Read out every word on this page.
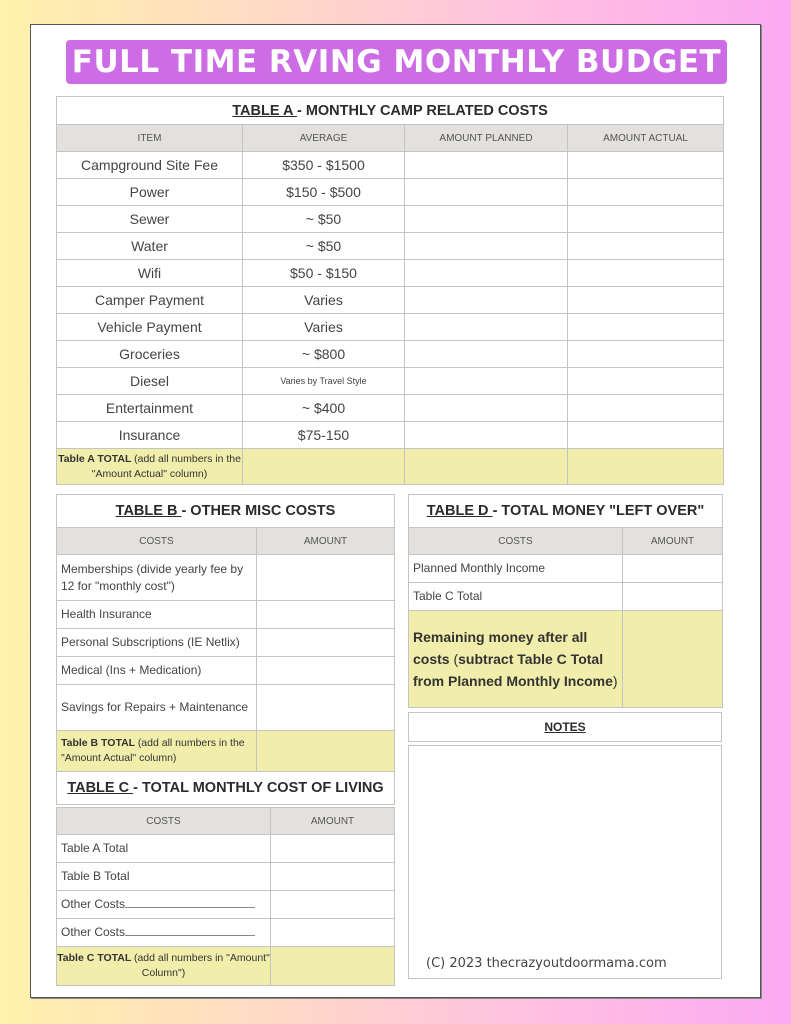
FULL TIME RVING MONTHLY BUDGET
TABLE A - MONTHLY CAMP RELATED COSTS			
ITEM	AVERAGE	AMOUNT PLANNED	AMOUNT ACTUAL
Campground Site Fee	$350 - $1500		
Power	$150 - $500		
Sewer	~ $50		
Water	~ $50		
Wifi	$50 - $150		
Camper Payment	Varies		
Vehicle Payment	Varies		
Groceries	~ $800		
Diesel	Varies by Travel Style		
Entertainment	~ $400		
Insurance	$75-150		
Table A TOTAL (add all numbers in the "Amount Actual" column)			
TABLE B - OTHER MISC COSTS	
COSTS	AMOUNT
Memberships (divide yearly fee by 12 for "monthly cost")	
Health Insurance	
Personal Subscriptions (IE Netlix)	
Medical (Ins + Medication)	
Savings for Repairs + Maintenance	
Table B TOTAL (add all numbers in the "Amount Actual" column)	
TABLE C - TOTAL MONTHLY COST OF LIVING	
COSTS	AMOUNT
Table A Total	
Table B Total	
Other Costs	
Other Costs	
Table C TOTAL (add all numbers in "Amount" Column")	
TABLE D - TOTAL MONEY "LEFT OVER"	
COSTS	AMOUNT
Planned Monthly Income	
Table C Total	
Remaining money after all costs (subtract Table C Total from Planned Monthly Income)	
NOTES
(C) 2023 thecrazyoutdoormama.com
